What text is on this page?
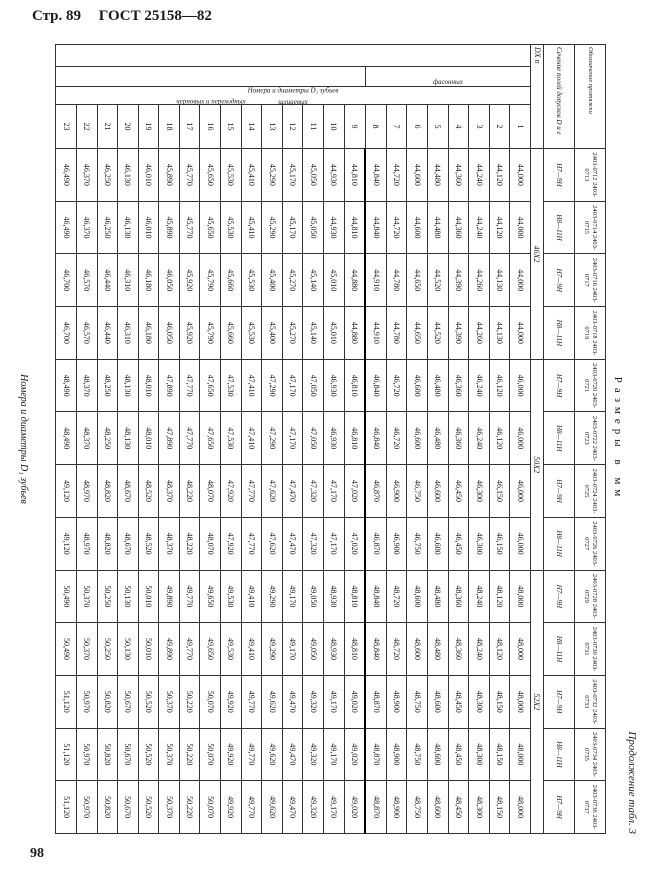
Стр. 89 ГОСТ 25158—82
Продолжение табл. 3
Размеры в мм
Обозначение протяжки				2403-0712 2403-0713	2403-0714 2403-0715	2403-0716 2403-0717	2403-0718 2403-0719	2403-0720 2403-0721	2403-0722 2403-0723	2403-0724 2403-0725	2403-0726 2403-0727	2403-0728 2403-0729	2403-0730 2403-0731	2403-0732 2403-0733	2403-0734 2403-0735	2403-0736 2403-0737
Сечение полей допусков D и e				H7—9H	H8—11H	H7—9H	H8—11H	H7—9H	H8—11H	H7—9H	H8—11H	H7—9H	H8—11H	H7—9H	H8—11H	H7—9H
DX n				46X2				50X2				52X2				
Номера и диаметры D₁ зубьев	фасонных	шлицевых	1	44,000	44,000	44,000	44,000	46,000	46,000	46,000	46,000	48,000	48,000	48,000	48,000	48,000
			2	44,120	44,120	44,130	44,130	46,120	46,120	46,150	46,150	48,120	48,120	48,150	48,150	48,150
			3	44,240	44,240	44,260	44,260	46,240	46,240	46,300	46,300	48,240	48,240	48,300	48,300	48,300
			4	44,360	44,360	44,390	44,390	46,360	46,360	46,450	46,450	48,360	48,360	48,450	48,450	48,450
			5	44,480	44,480	44,520	44,520	46,480	46,480	46,600	46,600	48,480	48,480	48,600	48,600	48,600
			6	44,600	44,600	44,650	44,650	46,600	46,600	46,750	46,750	48,600	48,600	48,750	48,750	48,750
			7	44,720	44,720	44,780	44,780	46,720	46,720	46,900	46,900	48,720	48,720	48,900	48,900	48,900
			8	44,840	44,840	44,910	44,910	46,840	46,840	46,870	46,870	48,840	48,840	48,870	48,870	48,870
	черновых и переходных		9	44,810	44,810	44,880	44,880	46,810	46,810	47,020	47,020	48,810	48,810	49,020	49,020	49,020
			10	44,930	44,930	45,010	45,010	46,930	46,930	47,170	47,170	48,930	48,930	49,170	49,170	49,170
			11	45,050	45,050	45,140	45,140	47,050	47,050	47,320	47,320	49,050	49,050	49,320	49,320	49,320
			12	45,170	45,170	45,270	45,270	47,170	47,170	47,470	47,470	49,170	49,170	49,470	49,470	49,470
			13	45,290	45,290	45,400	45,400	47,290	47,290	47,620	47,620	49,290	49,290	49,620	49,620	49,620
			14	45,410	45,410	45,530	45,530	47,410	47,410	47,770	47,770	49,410	49,410	49,770	49,770	49,770
			15	45,530	45,530	45,660	45,660	47,530	47,530	47,920	47,920	49,530	49,530	49,920	49,920	49,920
			16	45,650	45,650	45,790	45,790	47,650	47,650	48,070	48,070	49,650	49,650	50,070	50,070	50,070
			17	45,770	45,770	45,920	45,920	47,770	47,770	48,220	48,220	49,770	49,770	50,220	50,220	50,220
			18	45,890	45,890	46,050	46,050	47,890	47,890	48,370	48,370	49,890	49,890	50,370	50,370	50,370
			19	46,010	46,010	46,180	46,180	48,010	48,010	48,520	48,520	50,010	50,010	50,520	50,520	50,520
			20	46,130	46,130	46,310	46,310	48,130	48,130	48,670	48,670	50,130	50,130	50,670	50,670	50,670
			21	46,250	46,250	46,440	46,440	48,250	48,250	48,820	48,820	50,250	50,250	50,820	50,820	50,820
			22	46,370	46,370	46,570	46,570	48,370	48,370	48,970	48,970	50,370	50,370	50,970	50,970	50,970
			23	46,490	46,490	46,700	46,700	48,490	48,490	49,120	49,120	50,490	50,490	51,120	51,120	51,120
Номера и диаметры D₁ зубьев
98
